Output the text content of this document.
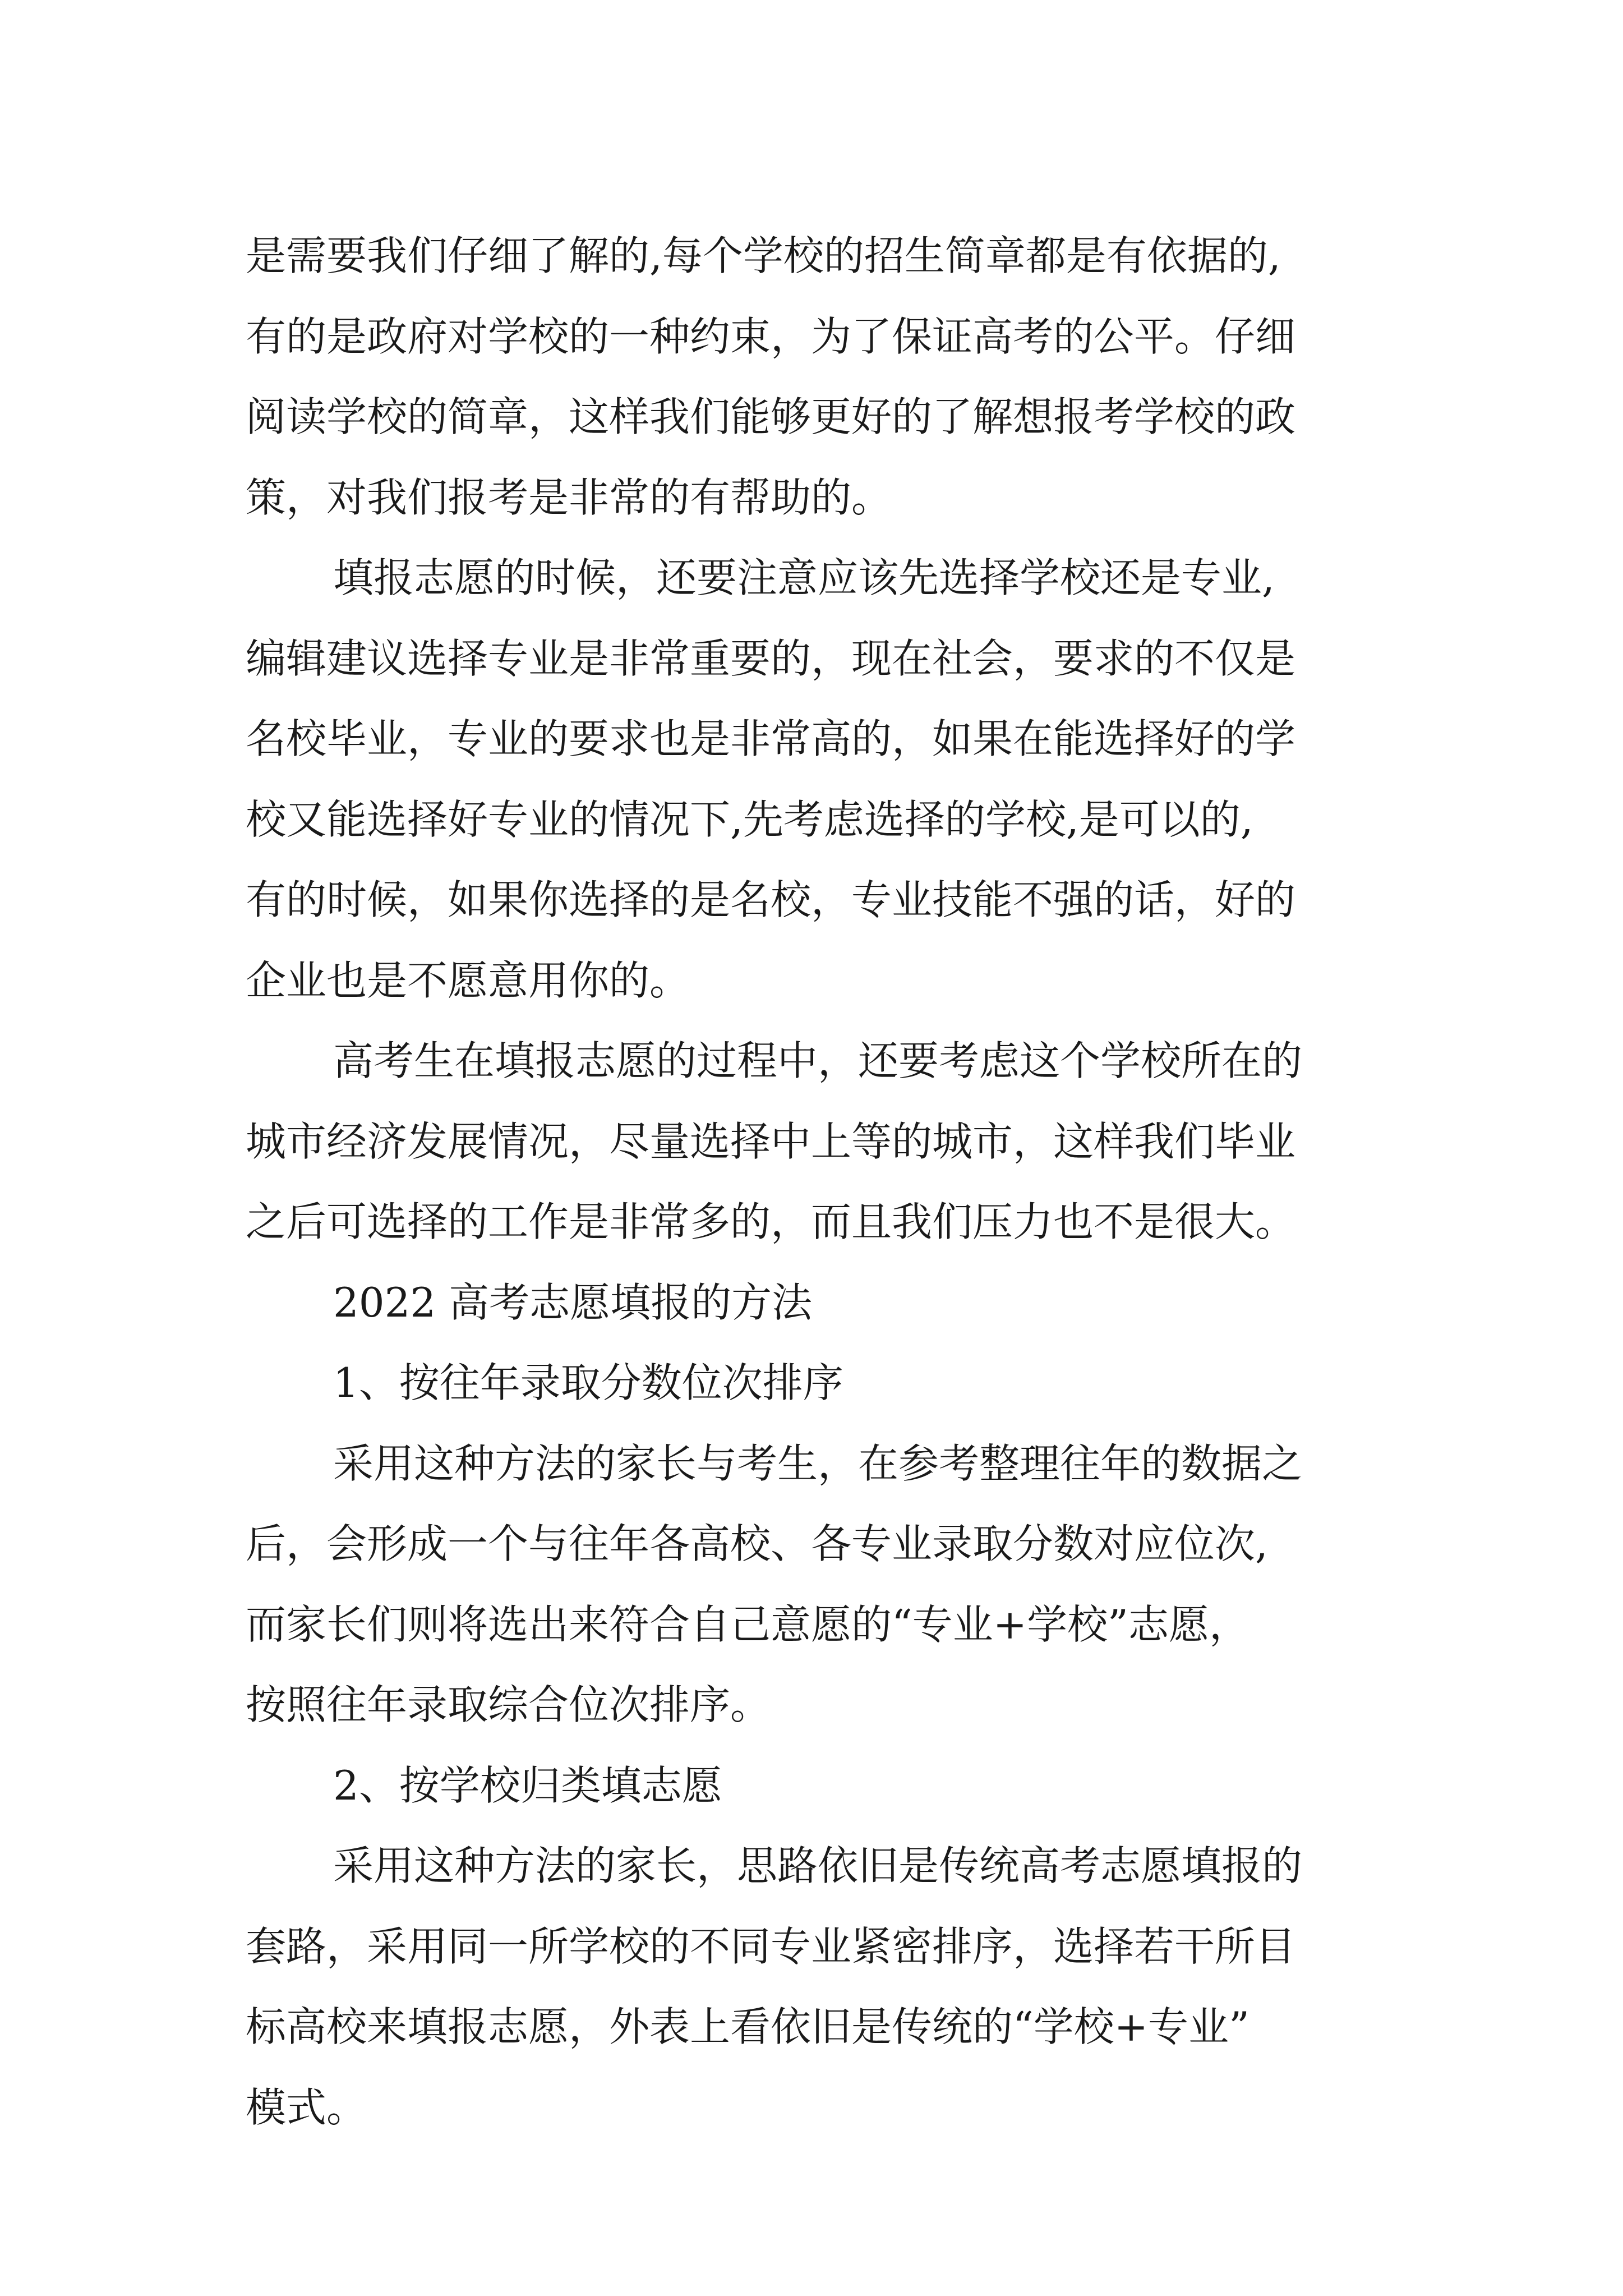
是需要我们仔细了解的,每个学校的招生简章都是有依据的,
有的是政府对学校的一种约束，为了保证高考的公平。仔细
阅读学校的简章，这样我们能够更好的了解想报考学校的政
策，对我们报考是非常的有帮助的。
填报志愿的时候，还要注意应该先选择学校还是专业,
编辑建议选择专业是非常重要的，现在社会，要求的不仅是
名校毕业，专业的要求也是非常高的，如果在能选择好的学
校又能选择好专业的情况下,先考虑选择的学校,是可以的,
有的时候，如果你选择的是名校，专业技能不强的话，好的
企业也是不愿意用你的。
高考生在填报志愿的过程中，还要考虑这个学校所在的
城市经济发展情况，尽量选择中上等的城市，这样我们毕业
之后可选择的工作是非常多的，而且我们压力也不是很大。
2022 高考志愿填报的方法
1、按往年录取分数位次排序
采用这种方法的家长与考生，在参考整理往年的数据之
后，会形成一个与往年各高校、各专业录取分数对应位次,
而家长们则将选出来符合自己意愿的“专业+学校”志愿，
按照往年录取综合位次排序。
2、按学校归类填志愿
采用这种方法的家长，思路依旧是传统高考志愿填报的
套路，采用同一所学校的不同专业紧密排序，选择若干所目
标高校来填报志愿，外表上看依旧是传统的“学校+专业”
模式。
